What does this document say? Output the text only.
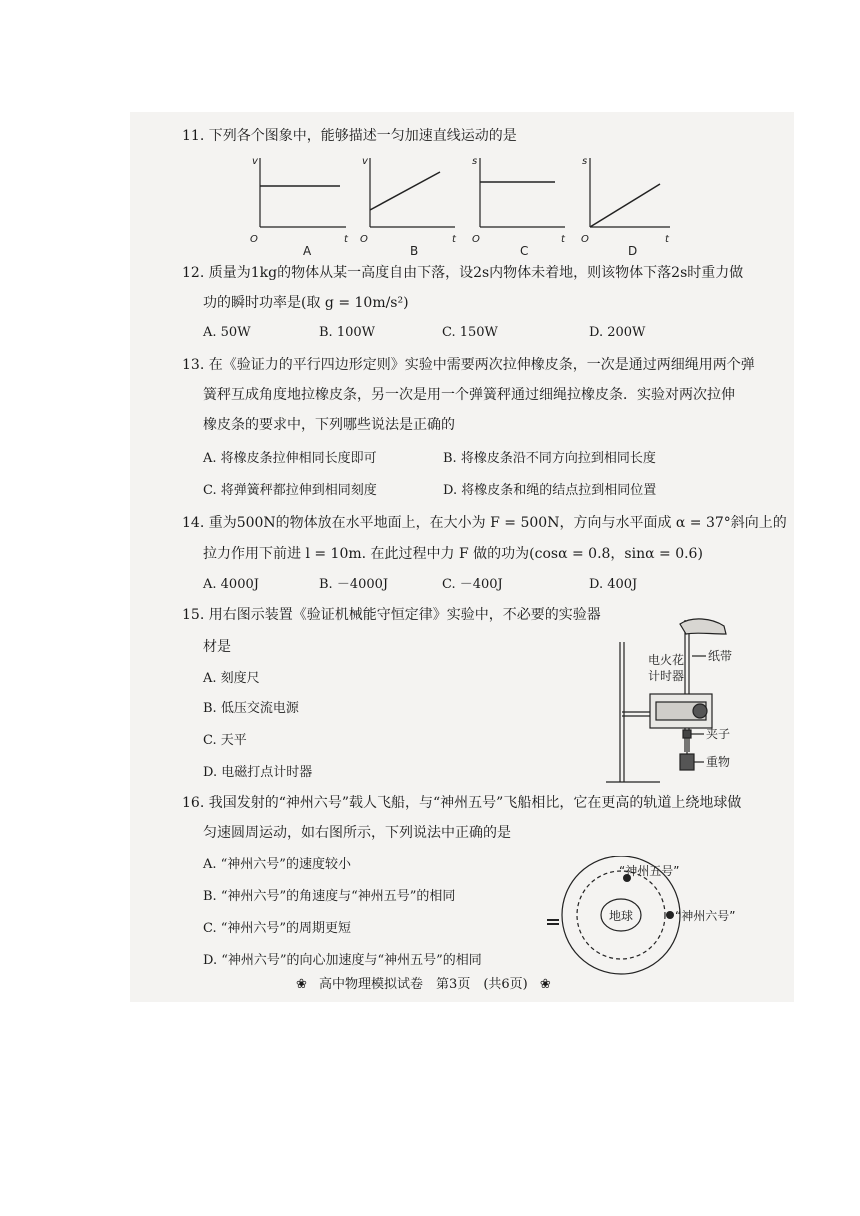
11. 下列各个图象中，能够描述一匀加速直线运动的是
v
O	t
v
O	t
s
O	t
s
O	t
A	B	C	D
12. 质量为1kg的物体从某一高度自由下落，设2s内物体未着地，则该物体下落2s时重力做
功的瞬时功率是(取 g = 10m/s²)
A. 50W	B. 100W	C. 150W	D. 200W
13. 在《验证力的平行四边形定则》实验中需要两次拉伸橡皮条，一次是通过两细绳用两个弹
簧秤互成角度地拉橡皮条，另一次是用一个弹簧秤通过细绳拉橡皮条．实验对两次拉伸
橡皮条的要求中，下列哪些说法是正确的
A. 将橡皮条拉伸相同长度即可	B. 将橡皮条沿不同方向拉到相同长度
C. 将弹簧秤都拉伸到相同刻度	D. 将橡皮条和绳的结点拉到相同位置
14. 重为500N的物体放在水平地面上，在大小为 F = 500N，方向与水平面成 α = 37°斜向上的
拉力作用下前进 l = 10m. 在此过程中力 F 做的功为(cosα = 0.8，sinα = 0.6)
A. 4000J	B. －4000J	C. －400J	D. 400J
15. 用右图示装置《验证机械能守恒定律》实验中，不必要的实验器
材是
A. 刻度尺
B. 低压交流电源
C. 天平
D. 电磁打点计时器
纸带
电火花
计时器
夹子
重物
16. 我国发射的“神州六号”载人飞船，与“神州五号”飞船相比，它在更高的轨道上绕地球做
匀速圆周运动，如右图所示，下列说法中正确的是
A. “神州六号”的速度较小
B. “神州六号”的角速度与“神州五号”的相同
C. “神州六号”的周期更短
D. “神州六号”的向心加速度与“神州五号”的相同
“神州五号”
“神州六号”
地球
❀ 高中物理模拟试卷　第3页　(共6页) ❀
